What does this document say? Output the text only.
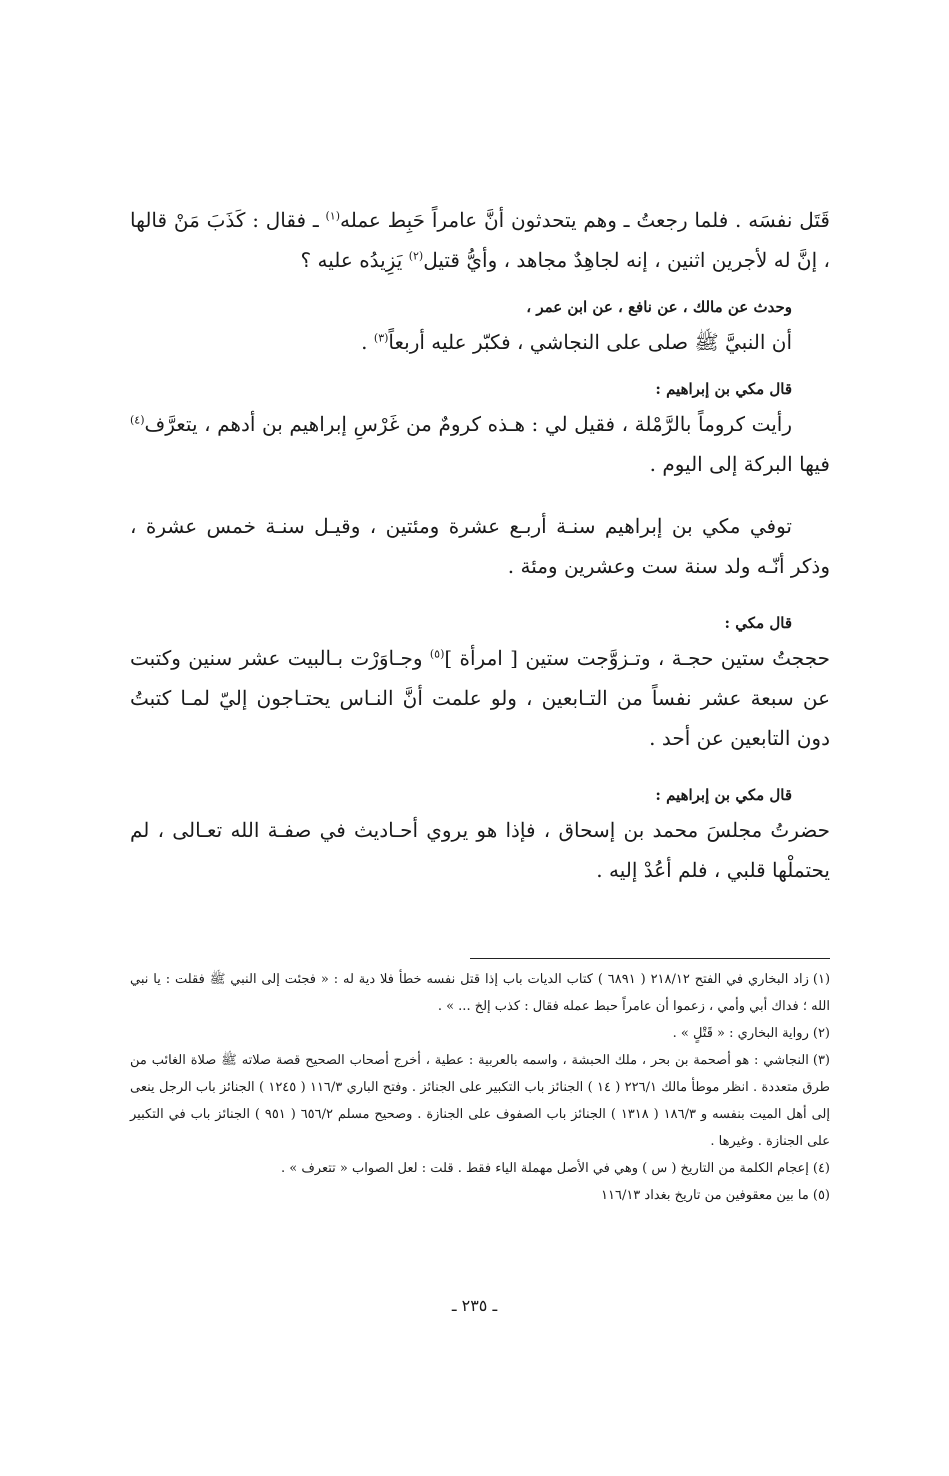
قَتَل نفسَه . فلما رجعتُ ـ وهم يتحدثون أنَّ عامراً حَبِط عمله$^{(١)}$ ـ فقال : كَذَبَ مَنْ قالها ، إنَّ له لأجرين اثنين ، إنه لجاهِدٌ مجاهد ، وأيُّ قتيل$^{(٢)}$ يَزِيدُه عليه ؟

وحدث عن مالك ، عن نافع ، عن ابن عمر ،

أن النبيَّ ﷺ صلى على النجاشي ، فكبّر عليه أربعاً$^{(٣)}$ .

قال مكي بن إبراهيم :

رأيت كروماً بالرَّمْلة ، فقيل لي : هـذه كرومٌ من غَرْسِ إبراهيم بن أدهم ، يتعرَّف$^{(٤)}$ فيها البركة إلى اليوم .

توفي مكي بن إبراهيم سنـة أربـع عشرة ومئتين ، وقيـل سنـة خمس عشرة ، وذكر أنّـه ولد سنة ست وعشرين ومئة .

قال مكي :

حججتُ ستين حجـة ، وتـزوَّجت ستين [ امرأة ]$^{(٥)}$ وجـاوَرْت بـالبيت عشر سنين وكتبت عن سبعة عشر نفساً من التـابعين ، ولو علمت أنَّ النـاس يحتـاجون إليّ لمـا كتبتُ دون التابعين عن أحد .

قال مكي بن إبراهيم :

حضرتُ مجلسَ محمد بن إسحاق ، فإذا هو يروي أحـاديث في صفـة الله تعـالى ، لم يحتملْها قلبي ، فلم أعُدْ إليه .

(١)زاد البخاري في الفتح ٢١٨/١٢ ( ٦٨٩١ ) كتاب الديات باب إذا قتل نفسه خطأ فلا دية له : « فجئت إلى النبي ﷺ فقلت : يا نبي الله ؛ فداك أبي وأمي ، زعموا أن عامراً حبط عمله فقال : كذب إلخ ... » .

(٢)رواية البخاري : « قَتْلٍ » .

(٣)النجاشي : هو أصحمة بن بحر ، ملك الحبشة ، واسمه بالعربية : عطية ، أخرج أصحاب الصحيح قصة صلاته ﷺ صلاة الغائب من طرق متعددة . انظر موطأ مالك ٢٢٦/١ ( ١٤ ) الجنائز باب التكبير على الجنائز . وفتح الباري ١١٦/٣ ( ١٢٤٥ ) الجنائز باب الرجل ينعى إلى أهل الميت بنفسه و ١٨٦/٣ ( ١٣١٨ ) الجنائز باب الصفوف على الجنازة . وصحيح مسلم ٦٥٦/٢ ( ٩٥١ ) الجنائز باب في التكبير على الجنازة . وغيرها .

(٤)إعجام الكلمة من التاريخ ( س ) وهي في الأصل مهملة الياء فقط . قلت : لعل الصواب « تتعرف » .

(٥)ما بين معقوفين من تاريخ بغداد ١١٦/١٣

ـ ٢٣٥ ـ
